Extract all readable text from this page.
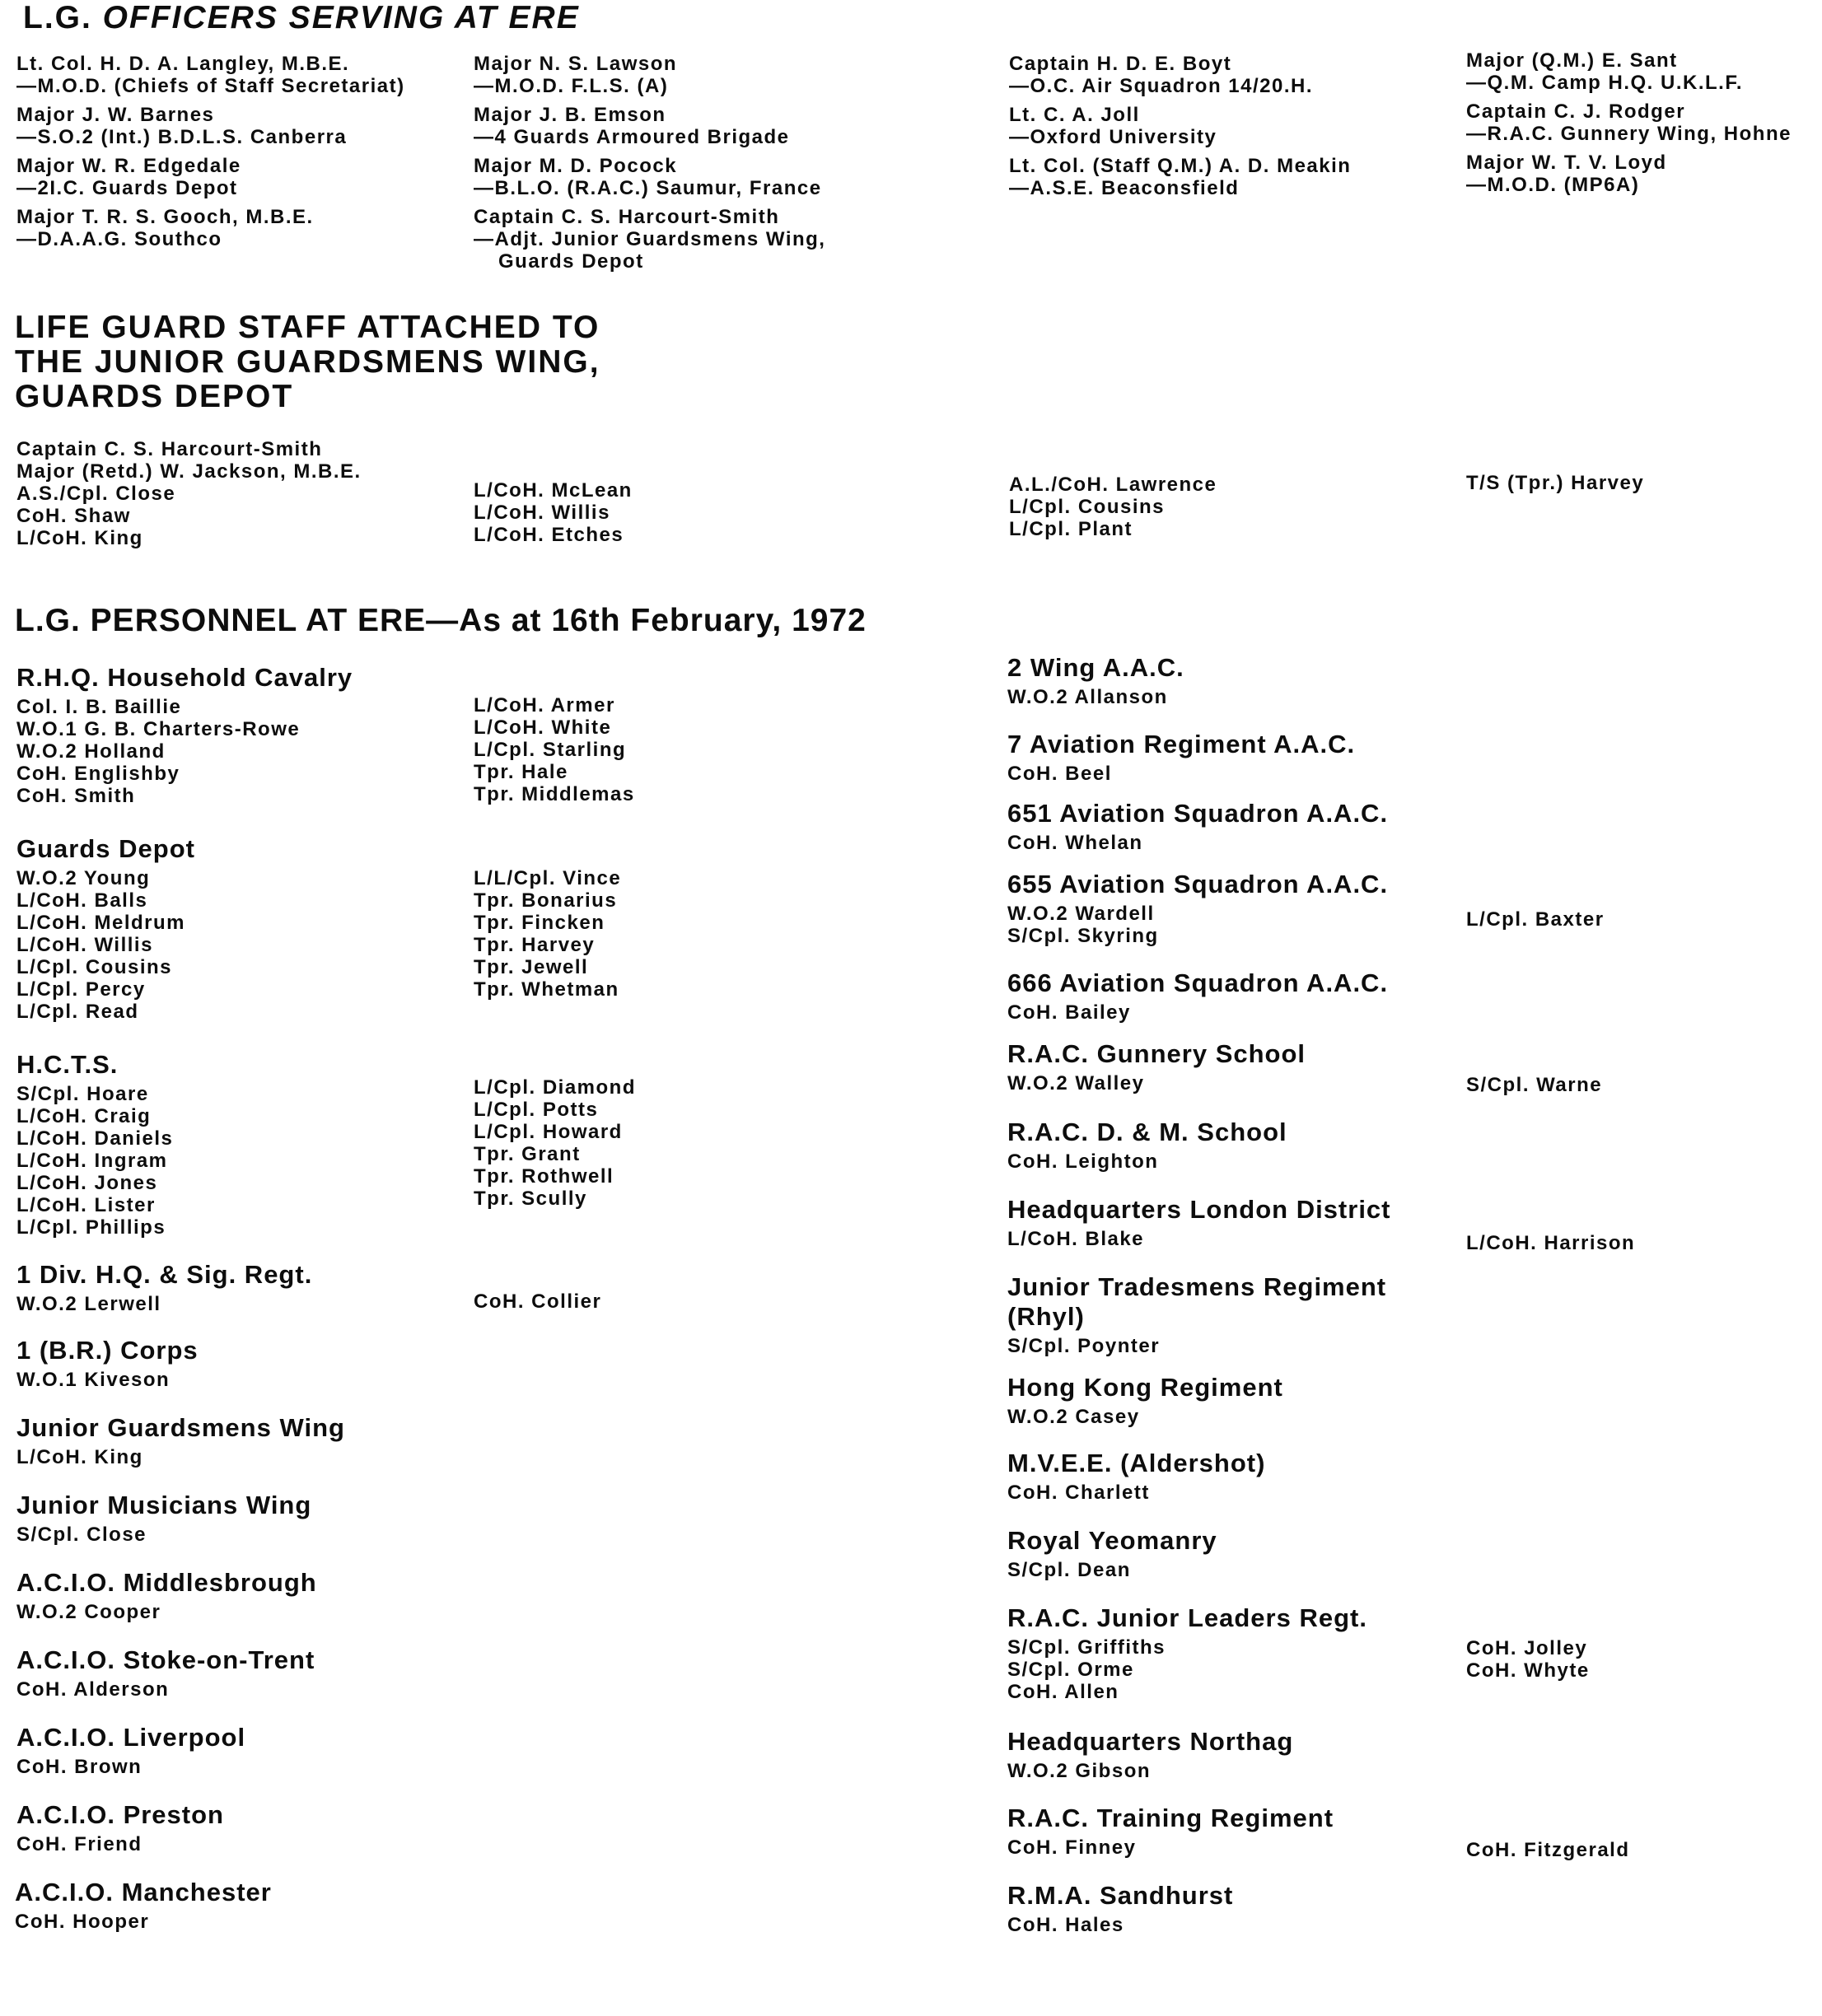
L.G. OFFICERS SERVING AT ERE
Lt. Col. H. D. A. Langley, M.B.E.
—M.O.D. (Chiefs of Staff Secretariat)
Major J. W. Barnes
—S.O.2 (Int.) B.D.L.S. Canberra
Major W. R. Edgedale
—2I.C. Guards Depot
Major T. R. S. Gooch, M.B.E.
—D.A.A.G. Southco
Major N. S. Lawson
—M.O.D. F.L.S. (A)
Major J. B. Emson
—4 Guards Armoured Brigade
Major M. D. Pocock
—B.L.O. (R.A.C.) Saumur, France
Captain C. S. Harcourt-Smith
—Adjt. Junior Guardsmens Wing,
Guards Depot
Captain H. D. E. Boyt
—O.C. Air Squadron 14/20.H.
Lt. C. A. Joll
—Oxford University
Lt. Col. (Staff Q.M.) A. D. Meakin
—A.S.E. Beaconsfield
Major (Q.M.) E. Sant
—Q.M. Camp H.Q. U.K.L.F.
Captain C. J. Rodger
—R.A.C. Gunnery Wing, Hohne
Major W. T. V. Loyd
—M.O.D. (MP6A)
LIFE GUARD STAFF ATTACHED TO
THE JUNIOR GUARDSMENS WING,
GUARDS DEPOT
Captain C. S. Harcourt-Smith
Major (Retd.) W. Jackson, M.B.E.
A.S./Cpl. Close
CoH. Shaw
L/CoH. King
L/CoH. McLean
L/CoH. Willis
L/CoH. Etches
A.L./CoH. Lawrence
L/Cpl. Cousins
L/Cpl. Plant
T/S (Tpr.) Harvey
L.G. PERSONNEL AT ERE—As at 16th February, 1972
R.H.Q. Household Cavalry
Col. I. B. Baillie
W.O.1 G. B. Charters-Rowe
W.O.2 Holland
CoH. Englishby
CoH. Smith
L/CoH. Armer
L/CoH. White
L/Cpl. Starling
Tpr. Hale
Tpr. Middlemas
Guards Depot
W.O.2 Young
L/CoH. Balls
L/CoH. Meldrum
L/CoH. Willis
L/Cpl. Cousins
L/Cpl. Percy
L/Cpl. Read
L/L/Cpl. Vince
Tpr. Bonarius
Tpr. Fincken
Tpr. Harvey
Tpr. Jewell
Tpr. Whetman
H.C.T.S.
S/Cpl. Hoare
L/CoH. Craig
L/CoH. Daniels
L/CoH. Ingram
L/CoH. Jones
L/CoH. Lister
L/Cpl. Phillips
L/Cpl. Diamond
L/Cpl. Potts
L/Cpl. Howard
Tpr. Grant
Tpr. Rothwell
Tpr. Scully
1 Div. H.Q. & Sig. Regt.
W.O.2 Lerwell	CoH. Collier
1 (B.R.) Corps
W.O.1 Kiveson
Junior Guardsmens Wing
L/CoH. King
Junior Musicians Wing
S/Cpl. Close
A.C.I.O. Middlesbrough
W.O.2 Cooper
A.C.I.O. Stoke-on-Trent
CoH. Alderson
A.C.I.O. Liverpool
CoH. Brown
A.C.I.O. Preston
CoH. Friend
A.C.I.O. Manchester
CoH. Hooper
2 Wing A.A.C.
W.O.2 Allanson
7 Aviation Regiment A.A.C.
CoH. Beel
651 Aviation Squadron A.A.C.
CoH. Whelan
655 Aviation Squadron A.A.C.
W.O.2 Wardell
S/Cpl. Skyring
L/Cpl. Baxter
666 Aviation Squadron A.A.C.
CoH. Bailey
R.A.C. Gunnery School
W.O.2 Walley	S/Cpl. Warne
R.A.C. D. & M. School
CoH. Leighton
Headquarters London District
L/CoH. Blake	L/CoH. Harrison
Junior Tradesmens Regiment
(Rhyl)
S/Cpl. Poynter
Hong Kong Regiment
W.O.2 Casey
M.V.E.E. (Aldershot)
CoH. Charlett
Royal Yeomanry
S/Cpl. Dean
R.A.C. Junior Leaders Regt.
S/Cpl. Griffiths
S/Cpl. Orme
CoH. Allen
CoH. Jolley
CoH. Whyte
Headquarters Northag
W.O.2 Gibson
R.A.C. Training Regiment
CoH. Finney	CoH. Fitzgerald
R.M.A. Sandhurst
CoH. Hales
